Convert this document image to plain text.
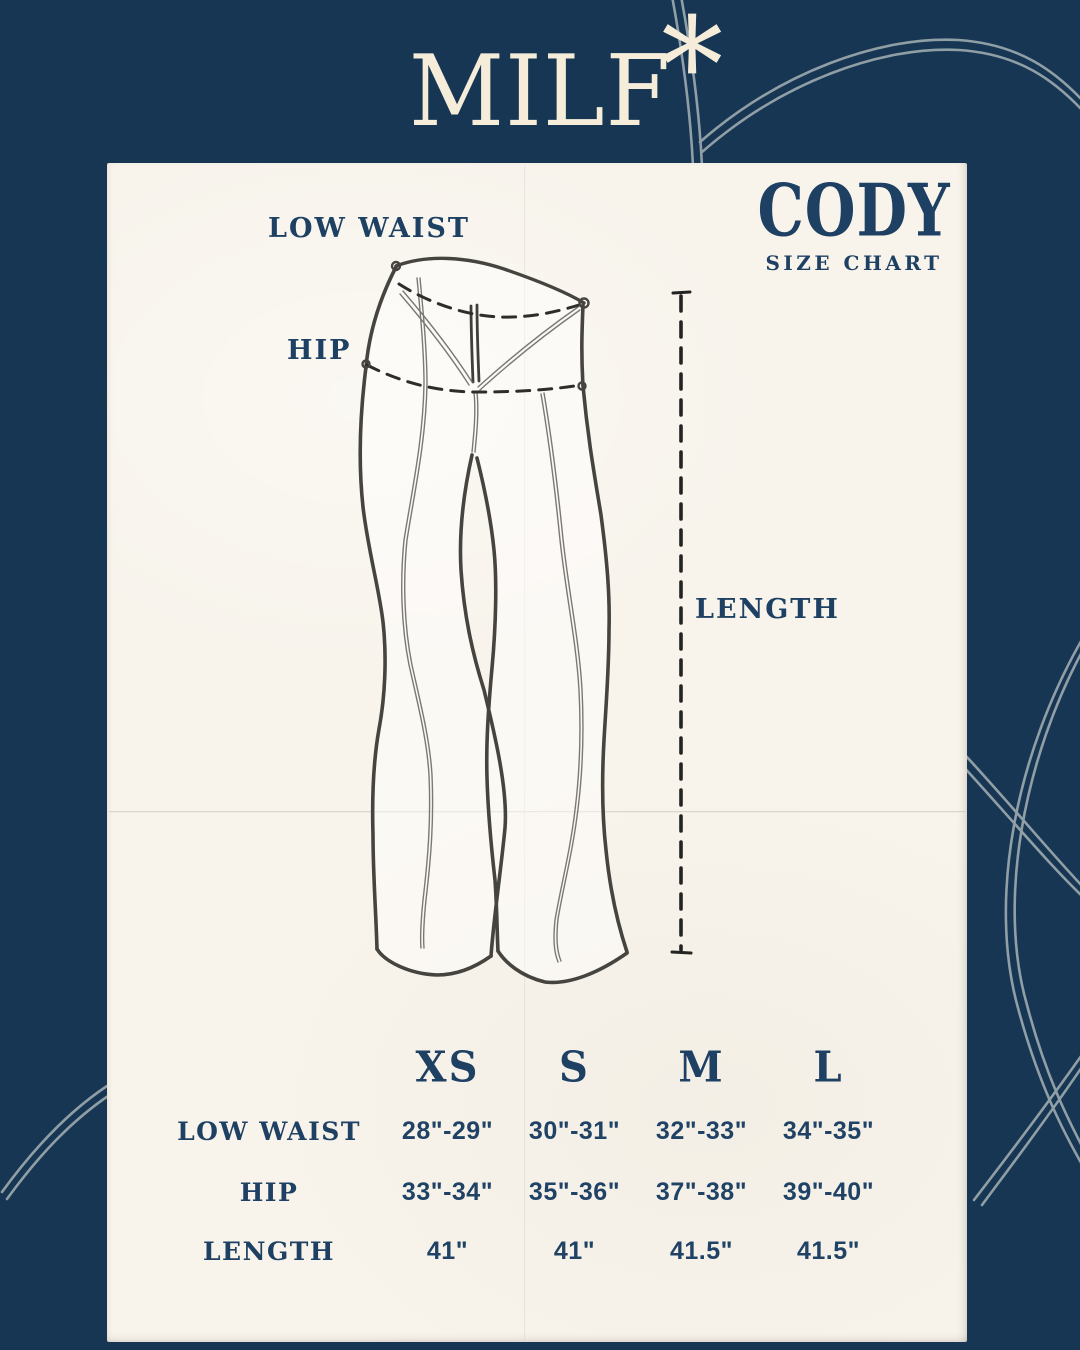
MILF
*
CODY
SIZE CHART
LOW WAIST
HIP
LENGTH
XS S M L
LOW WAIST 28"-29" 30"-31" 32"-33" 34"-35"
HIP	33"-34" 35"-36" 37"-38" 39"-40"
LENGTH	41"	41"	41.5"	41.5"
